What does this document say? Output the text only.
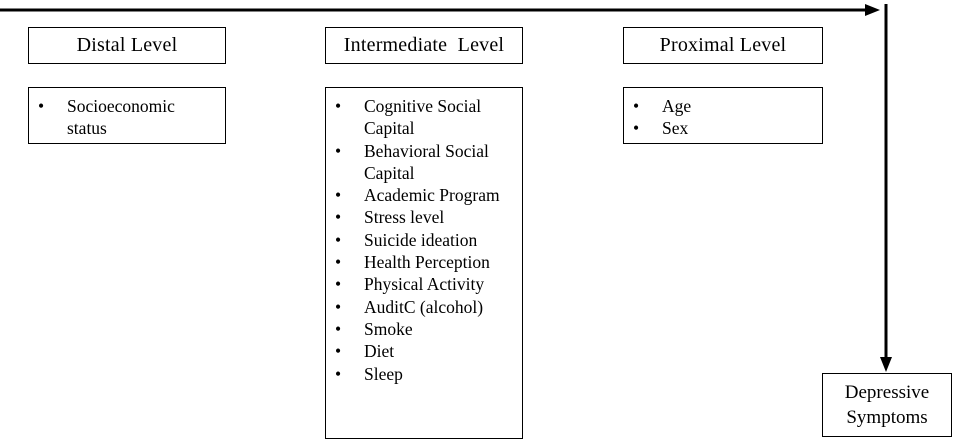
Distal Level	Intermediate  Level	Proximal Level
• Socioeconomic status
• Cognitive Social Capital
• Behavioral Social Capital
• Academic Program
• Stress level
• Suicide ideation
• Health Perception
• Physical Activity
• AuditC (alcohol)
• Smoke
• Diet
• Sleep
• Age
• Sex
Depressive Symptoms
